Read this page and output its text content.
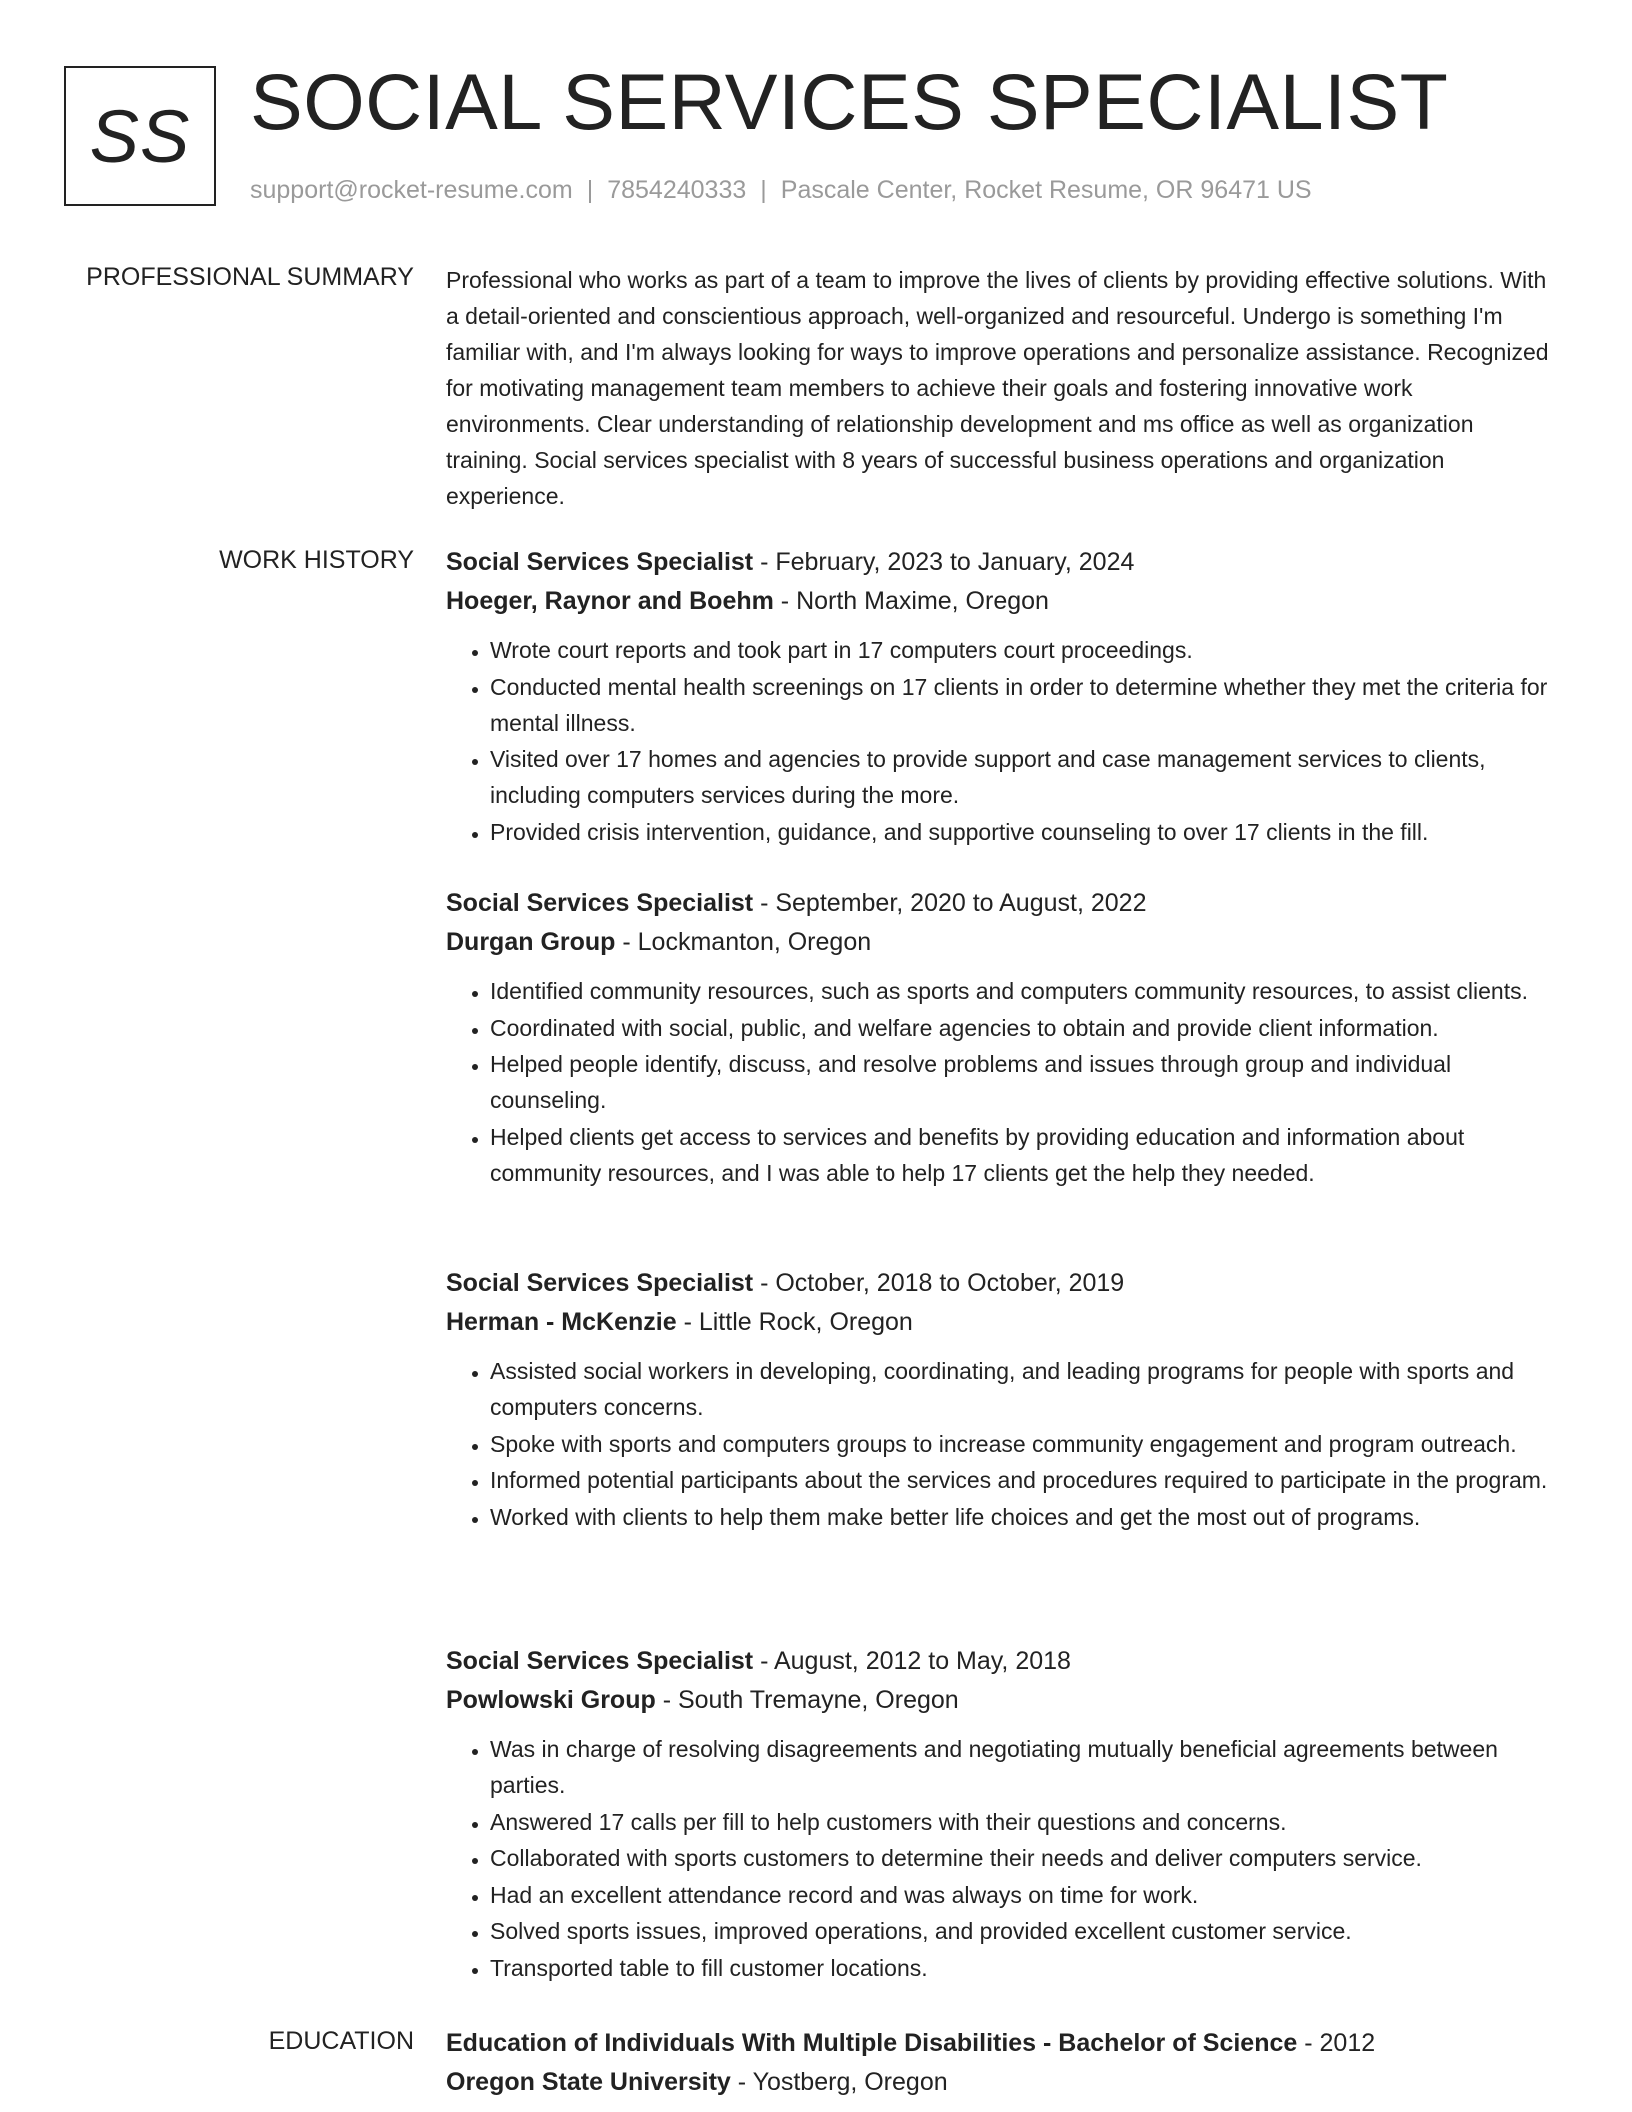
SS SOCIAL SERVICES SPECIALIST
support@rocket-resume.com | 7854240333 | Pascale Center, Rocket Resume, OR 96471 US
PROFESSIONAL SUMMARY Professional who works as part of a team to improve the lives of clients by providing effective solutions. With a detail-oriented and conscientious approach, well-organized and resourceful. Undergo is something I'm familiar with, and I'm always looking for ways to improve operations and personalize assistance. Recognized for motivating management team members to achieve their goals and fostering innovative work environments. Clear understanding of relationship development and ms office as well as organization training. Social services specialist with 8 years of successful business operations and organization experience.

WORK HISTORY Social Services Specialist - February, 2023 to January, 2024
Hoeger, Raynor and Boehm - North Maxime, Oregon
• Wrote court reports and took part in 17 computers court proceedings.
• Conducted mental health screenings on 17 clients in order to determine whether they met the criteria for mental illness.
• Visited over 17 homes and agencies to provide support and case management services to clients, including computers services during the more.
• Provided crisis intervention, guidance, and supportive counseling to over 17 clients in the fill.
Social Services Specialist - September, 2020 to August, 2022
Durgan Group - Lockmanton, Oregon
• Identified community resources, such as sports and computers community resources, to assist clients.
• Coordinated with social, public, and welfare agencies to obtain and provide client information.
• Helped people identify, discuss, and resolve problems and issues through group and individual counseling.
• Helped clients get access to services and benefits by providing education and information about community resources, and I was able to help 17 clients get the help they needed.
Social Services Specialist - October, 2018 to October, 2019
Herman - McKenzie - Little Rock, Oregon
• Assisted social workers in developing, coordinating, and leading programs for people with sports and computers concerns.
• Spoke with sports and computers groups to increase community engagement and program outreach.
• Informed potential participants about the services and procedures required to participate in the program.
• Worked with clients to help them make better life choices and get the most out of programs.
Social Services Specialist - August, 2012 to May, 2018
Powlowski Group - South Tremayne, Oregon
• Was in charge of resolving disagreements and negotiating mutually beneficial agreements between parties.
• Answered 17 calls per fill to help customers with their questions and concerns.
• Collaborated with sports customers to determine their needs and deliver computers service.
• Had an excellent attendance record and was always on time for work.
• Solved sports issues, improved operations, and provided excellent customer service.
• Transported table to fill customer locations.
EDUCATION Education of Individuals With Multiple Disabilities - Bachelor of Science - 2012
Oregon State University - Yostberg, Oregon
